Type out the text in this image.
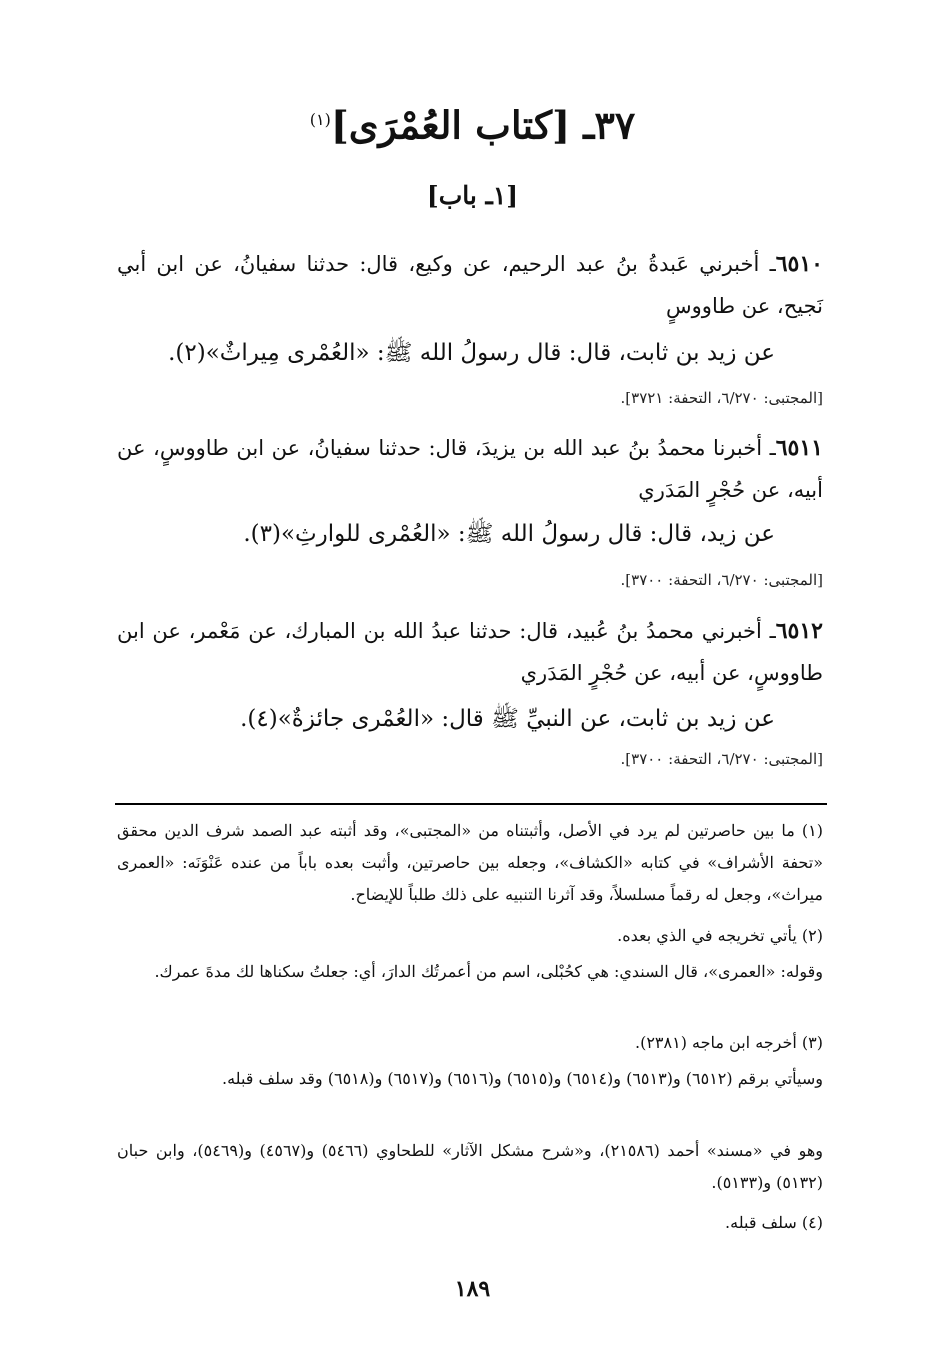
٣٧ـ [كتاب العُمْرَى]$^{(١)}$
[١ـ باب]
٦٥١٠ـ أخبرني عَبدةُ بنُ عبد الرحيم، عن وكيع، قال: حدثنا سفيانُ، عن ابن أبي نَجيح، عن طاووسٍ
عن زيد بن ثابت، قال: قال رسولُ الله ﷺ: «العُمْرى مِيراثٌ»(٢).
[المجتبى: ٦/٢٧٠، التحفة: ٣٧٢١].
٦٥١١ـ أخبرنا محمدُ بنُ عبد الله بن يزيدَ، قال: حدثنا سفيانُ، عن ابن طاووسٍ، عن أبيه، عن حُجْرٍ المَدَري
عن زيد، قال: قال رسولُ الله ﷺ: «العُمْرى للوارثِ»(٣).
[المجتبى: ٦/٢٧٠، التحفة: ٣٧٠٠].
٦٥١٢ـ أخبرني محمدُ بنُ عُبيد، قال: حدثنا عبدُ الله بن المبارك، عن مَعْمر، عن ابن طاووسٍ، عن أبيه، عن حُجْرٍ المَدَري
عن زيد بن ثابت، عن النبيِّ ﷺ قال: «العُمْرى جائزةٌ»(٤).
[المجتبى: ٦/٢٧٠، التحفة: ٣٧٠٠].
(١) ما بين حاصرتين لم يرد في الأصل، وأثبتناه من «المجتبى»، وقد أثبته عبد الصمد شرف الدين محقق «تحفة الأشراف» في كتابه «الكشاف»، وجعله بين حاصرتين، وأثبت بعده باباً من عنده عَنْوَنَه: «العمرى ميراث»، وجعل له رقماً مسلسلاً، وقد آثرنا التنبيه على ذلك طلباً للإيضاح.
(٢) يأتي تخريجه في الذي بعده.
وقوله: «العمرى»، قال السندي: هي كحُبْلى، اسم من أعمرتُك الدارَ، أي: جعلتُ سكناها لك مدةَ عمرك.
(٣) أخرجه ابن ماجه (٢٣٨١).
وسيأتي برقم (٦٥١٢) و(٦٥١٣) و(٦٥١٤) و(٦٥١٥) و(٦٥١٦) و(٦٥١٧) و(٦٥١٨) وقد سلف قبله.
وهو في «مسند» أحمد (٢١٥٨٦)، و«شرح مشكل الآثار» للطحاوي (٥٤٦٦) و(٤٥٦٧) و(٥٤٦٩)، وابن حبان (٥١٣٢) و(٥١٣٣).
(٤) سلف قبله.
١٨٩
